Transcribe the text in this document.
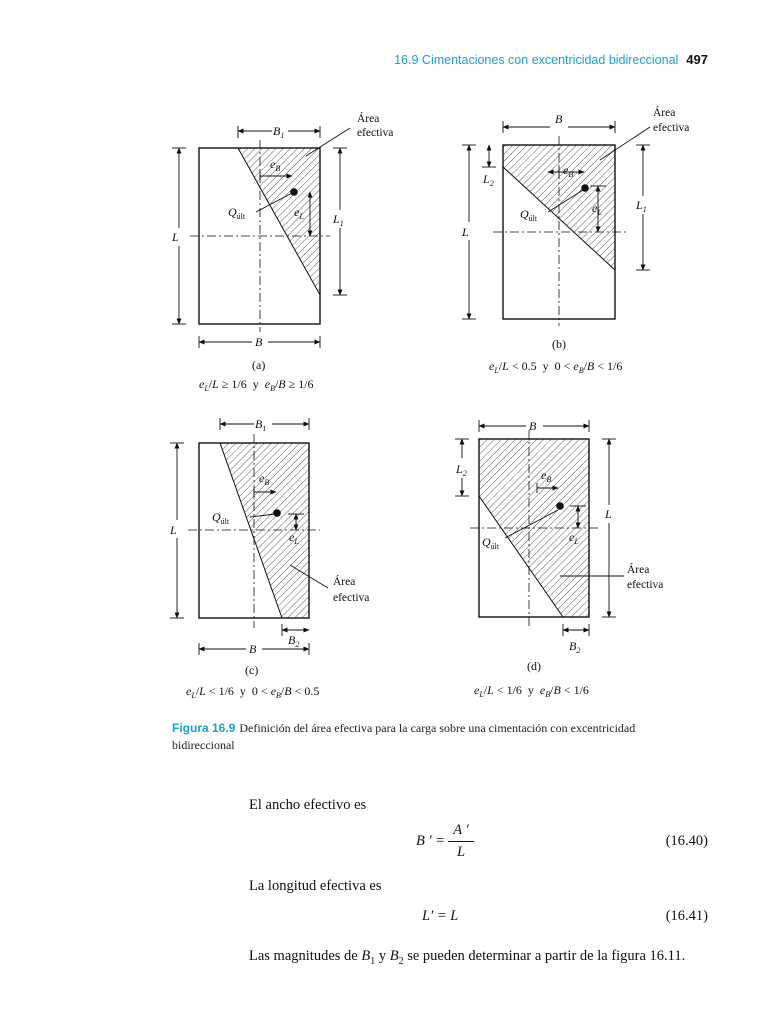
16.9 Cimentaciones con excentricidad bidireccional 497
$B_1$
B
L
$L_1$
$Q_{últ}$
$e_B$
$e_L$
Área
efectiva
(a)
$e_L/L \ge 1/6$  y  $e_B/B \ge 1/6$
B
L
$L_2$
$L_1$
$Q_{últ}$
$e_B$
$e_L$
Área
efectiva
(b)
$e_L/L < 0.5$  y  $0 < e_B/B < 1/6$
$B_1$
L
B
$B_2$
$Q_{últ}$
$e_B$
$e_L$
Área
efectiva
(c)
$e_L/L < 1/6$  y  $0 < e_B/B < 0.5$
B
$L_2$
L
$B_2$
$Q_{últ}$
$e_B$
$e_L$
Área
efectiva
(d)
$e_L/L < 1/6$  y  $e_B/B < 1/6$
Figura 16.9 Definición del área efectiva para la carga sobre una cimentación con excentricidad bidireccional
El ancho efectivo es
B ′ = $\frac{A '}{L}$	(16.40)
La longitud efectiva es
L′ = L	(16.41)
Las magnitudes de $B_1$ y $B_2$ se pueden determinar a partir de la figura 16.11.
